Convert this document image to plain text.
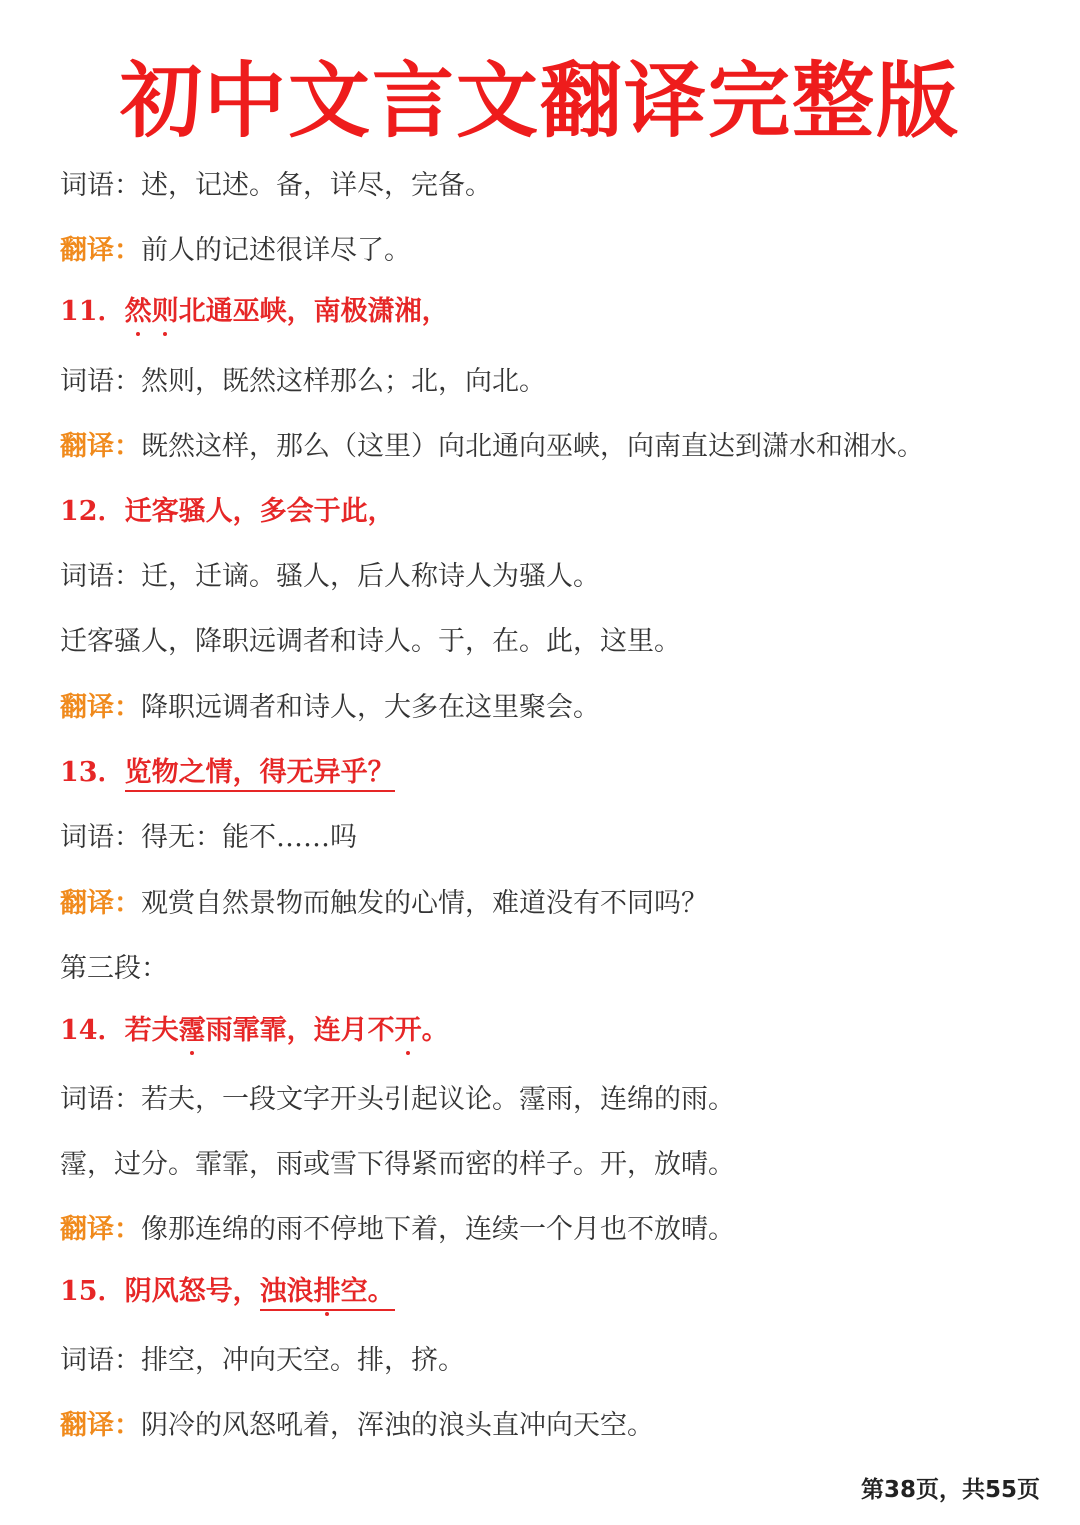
初中文言文翻译完整版

词语：述，记述。备，详尽，完备。

翻译：前人的记述很详尽了。

11．然则北通巫峡，南极潇湘，

词语：然则，既然这样那么；北，向北。

翻译：既然这样，那么（这里）向北通向巫峡，向南直达到潇水和湘水。

12．迁客骚人，多会于此，

词语：迁，迁谪。骚人，后人称诗人为骚人。

迁客骚人，降职远调者和诗人。于，在。此，这里。

翻译：降职远调者和诗人，大多在这里聚会。

13．览物之情，得无异乎？

词语：得无：能不……吗

翻译：观赏自然景物而触发的心情，难道没有不同吗？

第三段：

14．若夫霪雨霏霏，连月不开。

词语：若夫，一段文字开头引起议论。霪雨，连绵的雨。

霪，过分。霏霏，雨或雪下得紧而密的样子。开，放晴。

翻译：像那连绵的雨不停地下着，连续一个月也不放晴。

15．阴风怒号，浊浪排空。

词语：排空，冲向天空。排，挤。

翻译：阴冷的风怒吼着，浑浊的浪头直冲向天空。

第38页，共55页
